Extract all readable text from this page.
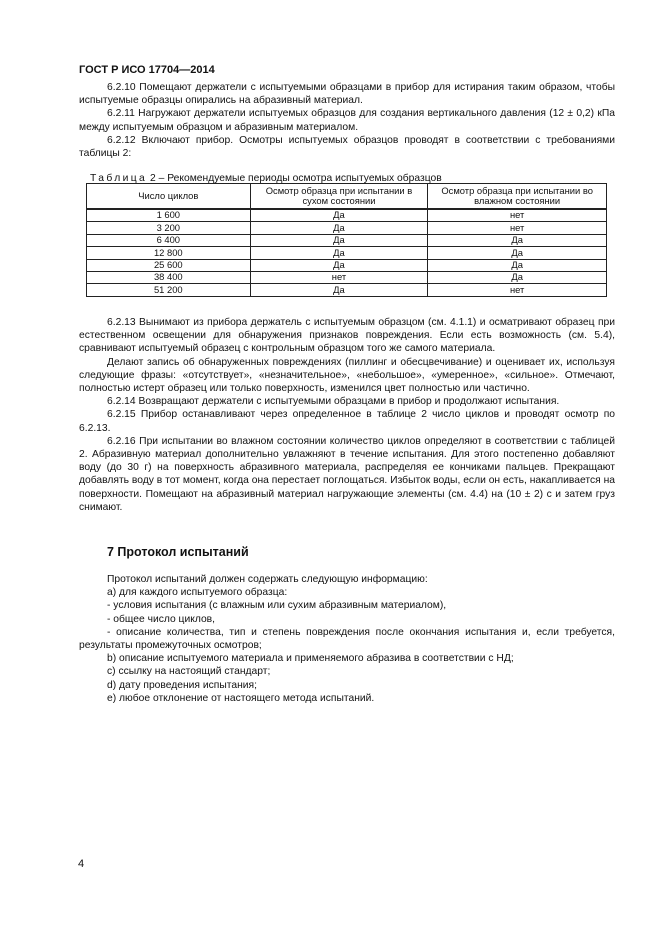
ГОСТ Р ИСО 17704—2014

6.2.10 Помещают держатели с испытуемыми образцами в прибор для истирания таким образом, чтобы испытуемые образцы опирались на абразивный материал.

6.2.11 Нагружают держатели испытуемых образцов для создания вертикального давления (12 ± 0,2) кПа между испытуемым образцом и абразивным материалом.

6.2.12 Включают прибор. Осмотры испытуемых образцов проводят в соответствии с требованиями таблицы 2:

Таблица 2 – Рекомендуемые периоды осмотра испытуемых образцов
Число циклов	Осмотр образца при испытании в сухом состоянии	Осмотр образца при испытании во влажном состоянии
1 600	Да	нет
3 200	Да	нет
6 400	Да	Да
12 800	Да	Да
25 600	Да	Да
38 400	нет	Да
51 200	Да	нет

6.2.13 Вынимают из прибора держатель с испытуемым образцом (см. 4.1.1) и осматривают образец при естественном освещении для обнаружения признаков повреждения. Если есть возможность (см. 5.4), сравнивают испытуемый образец с контрольным образцом того же самого материала.

Делают запись об обнаруженных повреждениях (пиллинг и обесцвечивание) и оценивает их, используя следующие фразы: «отсутствует», «незначительное», «небольшое», «умеренное», «сильное». Отмечают, полностью истерт образец или только поверхность, изменился цвет полностью или частично.

6.2.14 Возвращают держатели с испытуемыми образцами в прибор и продолжают испытания.

6.2.15 Прибор останавливают через определенное в таблице 2 число циклов и проводят осмотр по 6.2.13.

6.2.16 При испытании во влажном состоянии количество циклов определяют в соответствии с таблицей 2. Абразивную материал дополнительно увлажняют в течение испытания. Для этого постепенно добавляют воду (до 30 г) на поверхность абразивного материала, распределяя ее кончиками пальцев. Прекращают добавлять воду в тот момент, когда она перестает поглощаться. Избыток воды, если он есть, накапливается на поверхности. Помещают на абразивный материал нагружающие элементы (см. 4.4) на (10 ± 2) с и затем груз снимают.

7 Протокол испытаний

Протокол испытаний должен содержать следующую информацию:

a) для каждого испытуемого образца:

- условия испытания (с влажным или сухим абразивным материалом),

- общее число циклов,

- описание количества, тип и степень повреждения после окончания испытания и, если требуется, результаты промежуточных осмотров;

b) описание испытуемого материала и применяемого абразива в соответствии с НД;

c) ссылку на настоящий стандарт;

d) дату проведения испытания;

e) любое отклонение от настоящего метода испытаний.

4
